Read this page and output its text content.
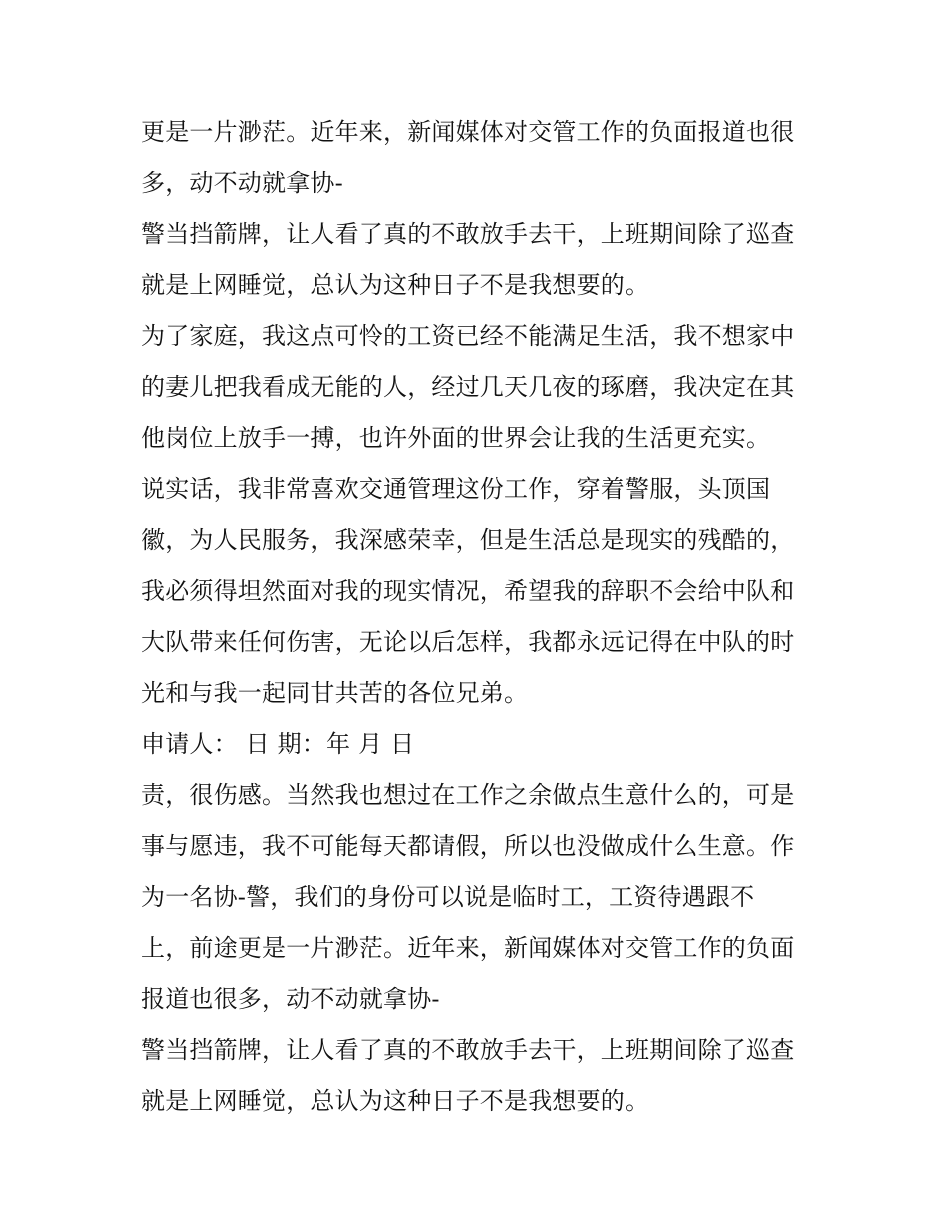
更是一片渺茫。近年来，新闻媒体对交管工作的负面报道也很

多，动不动就拿协-

警当挡箭牌，让人看了真的不敢放手去干，上班期间除了巡查

就是上网睡觉，总认为这种日子不是我想要的。

为了家庭，我这点可怜的工资已经不能满足生活，我不想家中

的妻儿把我看成无能的人，经过几天几夜的琢磨，我决定在其

他岗位上放手一搏，也许外面的世界会让我的生活更充实。

说实话，我非常喜欢交通管理这份工作，穿着警服，头顶国

徽，为人民服务，我深感荣幸，但是生活总是现实的残酷的，

我必须得坦然面对我的现实情况，希望我的辞职不会给中队和

大队带来任何伤害，无论以后怎样，我都永远记得在中队的时

光和与我一起同甘共苦的各位兄弟。

申请人： 日 期：年 月 日

责，很伤感。当然我也想过在工作之余做点生意什么的，可是

事与愿违，我不可能每天都请假，所以也没做成什么生意。作

为一名协-警，我们的身份可以说是临时工，工资待遇跟不

上，前途更是一片渺茫。近年来，新闻媒体对交管工作的负面

报道也很多，动不动就拿协-

警当挡箭牌，让人看了真的不敢放手去干，上班期间除了巡查

就是上网睡觉，总认为这种日子不是我想要的。
